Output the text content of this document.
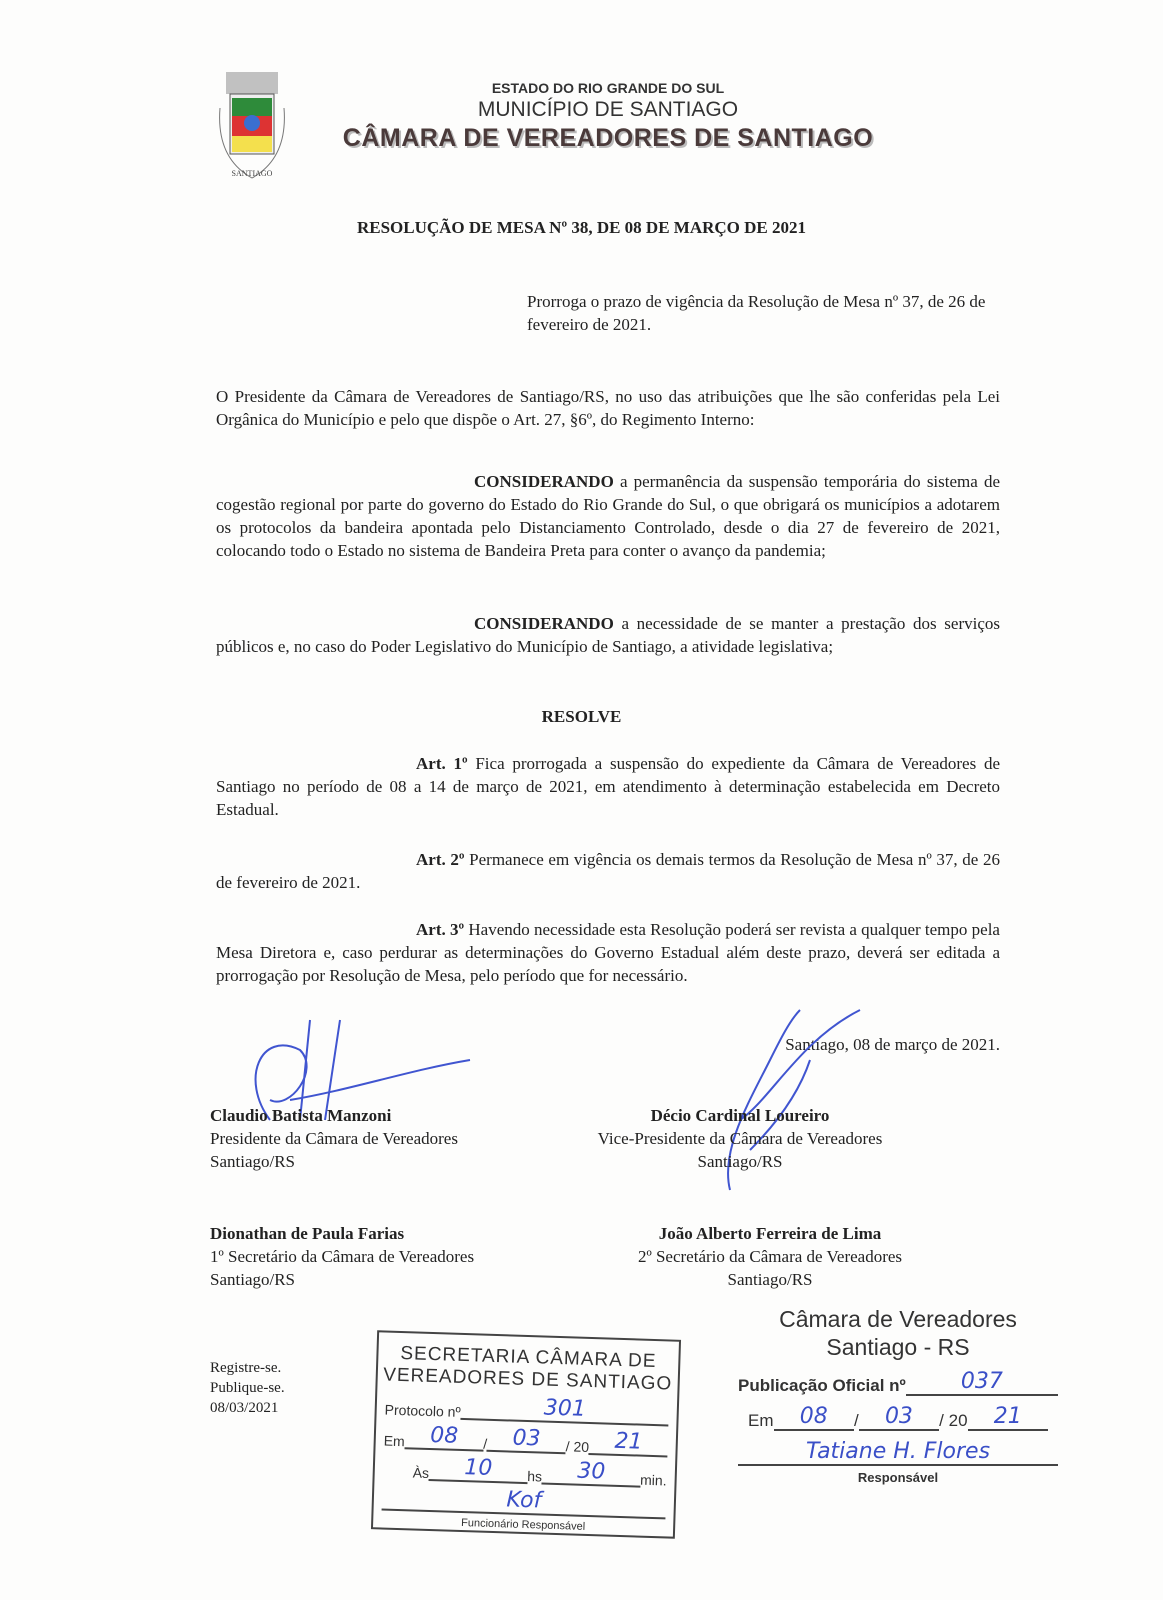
SANTIAGO
ESTADO DO RIO GRANDE DO SUL
MUNICÍPIO DE SANTIAGO
CÂMARA DE VEREADORES DE SANTIAGO
RESOLUÇÃO DE MESA Nº 38, DE 08 DE MARÇO DE 2021
Prorroga o prazo de vigência da Resolução de Mesa nº 37, de 26 de fevereiro de 2021.
O Presidente da Câmara de Vereadores de Santiago/RS, no uso das atribuições que lhe são conferidas pela Lei Orgânica do Município e pelo que dispõe o Art. 27, §6º, do Regimento Interno:
CONSIDERANDO a permanência da suspensão temporária do sistema de cogestão regional por parte do governo do Estado do Rio Grande do Sul, o que obrigará os municípios a adotarem os protocolos da bandeira apontada pelo Distanciamento Controlado, desde o dia 27 de fevereiro de 2021, colocando todo o Estado no sistema de Bandeira Preta para conter o avanço da pandemia;
CONSIDERANDO a necessidade de se manter a prestação dos serviços públicos e, no caso do Poder Legislativo do Município de Santiago, a atividade legislativa;
RESOLVE
Art. 1º Fica prorrogada a suspensão do expediente da Câmara de Vereadores de Santiago no período de 08 a 14 de março de 2021, em atendimento à determinação estabelecida em Decreto Estadual.
Art. 2º Permanece em vigência os demais termos da Resolução de Mesa nº 37, de 26 de fevereiro de 2021.
Art. 3º Havendo necessidade esta Resolução poderá ser revista a qualquer tempo pela Mesa Diretora e, caso perdurar as determinações do Governo Estadual além deste prazo, deverá ser editada a prorrogação por Resolução de Mesa, pelo período que for necessário.
Santiago, 08 de março de 2021.
Claudio Batista Manzoni
Presidente da Câmara de Vereadores
Santiago/RS
Décio Cardinal Loureiro
Vice-Presidente da Câmara de Vereadores
Santiago/RS
Dionathan de Paula Farias
1º Secretário da Câmara de Vereadores
Santiago/RS
João Alberto Ferreira de Lima
2º Secretário da Câmara de Vereadores
Santiago/RS
Registre-se.
Publique-se.
08/03/2021
SECRETARIA CÂMARA DE
VEREADORES DE SANTIAGO
Protocolo nº	301
Em	08	/	03	/ 20	21
Às	10	hs	30	min.
Kof
Funcionário Responsável
Câmara de Vereadores
Santiago - RS
Publicação Oficial nº	037
Em	08	/	03	/ 20	21
Tatiane H. Flores
Responsável
